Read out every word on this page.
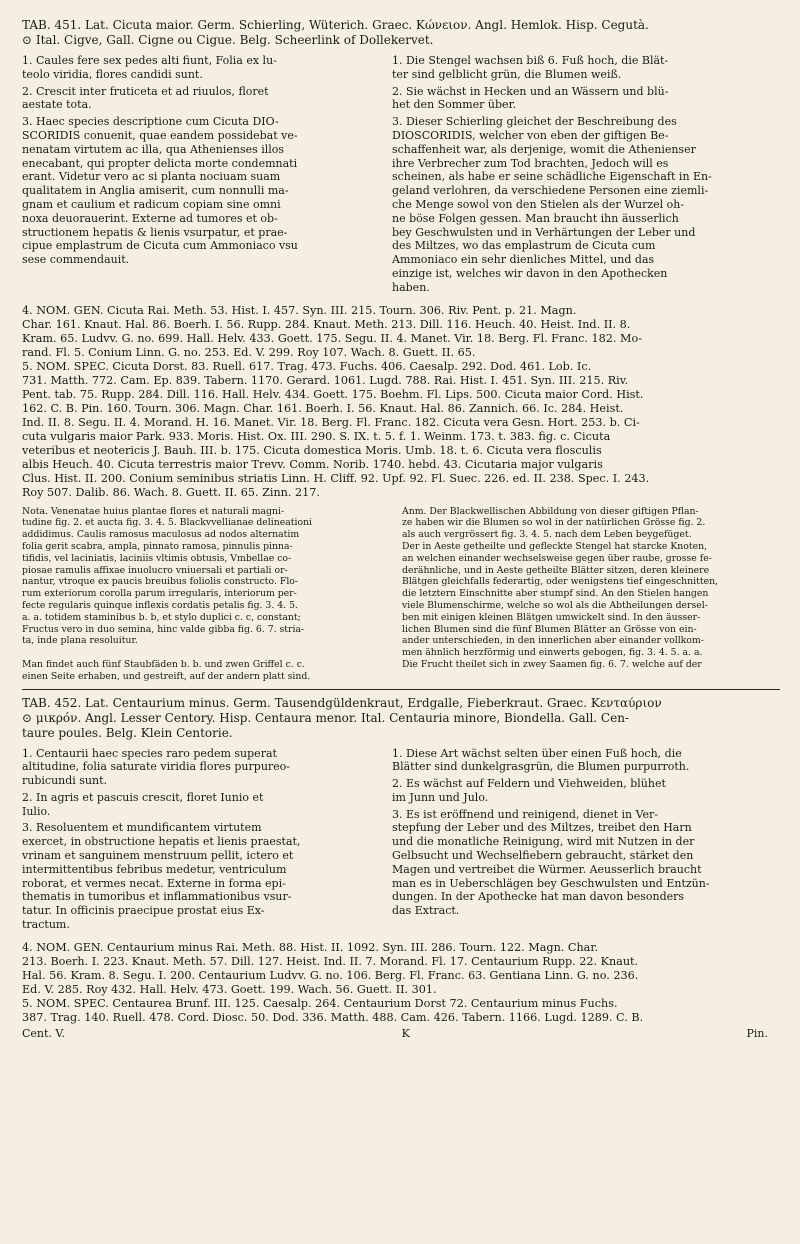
TAB. 451. Lat. Cicuta maior. Germ. Schierling, Wüterich. Graec. Κώνειον. Angl. Hemlok. Hisp. Cegutà.
⊙ Ital. Cigve, Gall. Cigne ou Cigue. Belg. Scheerlink of Dollekervet.
1. Caules fere sex pedes alti fiunt, Folia ex lu-
teolo viridia, flores candidi sunt.
2. Crescit inter fruticeta et ad riuulos, floret
aestate tota.
3. Haec species descriptione cum Cicuta DIO-
SCORIDIS conuenit, quae eandem possidebat ve-
nenatam virtutem ac illa, qua Athenienses illos
enecabant, qui propter delicta morte condemnati
erant. Videtur vero ac si planta nociuam suam
qualitatem in Anglia amiserit, cum nonnulli ma-
gnam et caulium et radicum copiam sine omni
noxa deuorauerint. Externe ad tumores et ob-
structionem hepatis & lienis vsurpatur, et prae-
cipue emplastrum de Cicuta cum Ammoniaco vsu
sese commendauit.
1. Die Stengel wachsen biß 6. Fuß hoch, die Blät-
ter sind gelblicht grün, die Blumen weiß.
2. Sie wächst in Hecken und an Wässern und blü-
het den Sommer über.
3. Dieser Schierling gleichet der Beschreibung des
DIOSCORIDIS, welcher von eben der giftigen Be-
schaffenheit war, als derjenige, womit die Athenienser
ihre Verbrecher zum Tod brachten, Jedoch will es
scheinen, als habe er seine schädliche Eigenschaft in En-
geland verlohren, da verschiedene Personen eine ziemli-
che Menge sowol von den Stielen als der Wurzel oh-
ne böse Folgen gessen. Man braucht ihn äusserlich
bey Geschwulsten und in Verhärtungen der Leber und
des Miltzes, wo das emplastrum de Cicuta cum
Ammoniaco ein sehr dienliches Mittel, und das
einzige ist, welches wir davon in den Apothecken
haben.
4. NOM. GEN. Cicuta Rai. Meth. 53. Hist. I. 457. Syn. III. 215. Tourn. 306. Riv. Pent. p. 21. Magn.
Char. 161. Knaut. Hal. 86. Boerh. I. 56. Rupp. 284. Knaut. Meth. 213. Dill. 116. Heuch. 40. Heist. Ind. II. 8.
Kram. 65. Ludvv. G. no. 699. Hall. Helv. 433. Goett. 175. Segu. II. 4. Manet. Vir. 18. Berg. Fl. Franc. 182. Mo-
rand. Fl. 5. Conium Linn. G. no. 253. Ed. V. 299. Roy 107. Wach. 8. Guett. II. 65.
5. NOM. SPEC. Cicuta Dorst. 83. Ruell. 617. Trag. 473. Fuchs. 406. Caesalp. 292. Dod. 461. Lob. Ic.
731. Matth. 772. Cam. Ep. 839. Tabern. 1170. Gerard. 1061. Lugd. 788. Rai. Hist. I. 451. Syn. III. 215. Riv.
Pent. tab. 75. Rupp. 284. Dill. 116. Hall. Helv. 434. Goett. 175. Boehm. Fl. Lips. 500. Cicuta maior Cord. Hist.
162. C. B. Pin. 160. Tourn. 306. Magn. Char. 161. Boerh. I. 56. Knaut. Hal. 86. Zannich. 66. Ic. 284. Heist.
Ind. II. 8. Segu. II. 4. Morand. H. 16. Manet. Vir. 18. Berg. Fl. Franc. 182. Cicuta vera Gesn. Hort. 253. b. Ci-
cuta vulgaris maior Park. 933. Moris. Hist. Ox. III. 290. S. IX. t. 5. f. 1. Weinm. 173. t. 383. fig. c. Cicuta
veteribus et neotericis J. Bauh. III. b. 175. Cicuta domestica Moris. Umb. 18. t. 6. Cicuta vera flosculis
albis Heuch. 40. Cicuta terrestris maior Trevv. Comm. Norib. 1740. hebd. 43. Cicutaria major vulgaris
Clus. Hist. II. 200. Conium seminibus striatis Linn. H. Cliff. 92. Upf. 92. Fl. Suec. 226. ed. II. 238. Spec. I. 243.
Roy 507. Dalib. 86. Wach. 8. Guett. II. 65. Zinn. 217.
Nota. Venenatae huius plantae flores et naturali magni-
tudine fig. 2. et aucta fig. 3. 4. 5. Blackvvellianae delineationi
addidimus. Caulis ramosus maculosus ad nodos alternatim
folia gerit scabra, ampla, pinnato ramosa, pinnulis pinna-
tifidis, vel laciniatis, laciniis vltimis obtusis, Vmbellae co-
piosae ramulis affixae inuolucro vniuersali et partiali or-
nantur, vtroque ex paucis breuibus foliolis constructo. Flo-
rum exteriorum corolla parum irregularis, interiorum per-
fecte regularis quinque inflexis cordatis petalis fig. 3. 4. 5.
a. a. totidem staminibus b. b, et stylo duplici c. c, constant;
Fructus vero in duo semina, hinc valde gibba fig. 6. 7. stria-
ta, inde plana resoluitur.
Anm. Der Blackwellischen Abbildung von dieser giftigen Pflan-
ze haben wir die Blumen so wol in der natürlichen Grösse fig. 2.
als auch vergrössert fig. 3. 4. 5. nach dem Leben beygefüget.
Der in Aeste getheilte und gefleckte Stengel hat starcke Knoten,
an welchen einander wechselsweise gegen über raube, grosse fe-
derähnliche, und in Aeste getheilte Blätter sitzen, deren kleinere
Blätgen gleichfalls federartig, oder wenigstens tief eingeschnitten,
die letztern Einschnitte aber stumpf sind. An den Stielen hangen
viele Blumenschirme, welche so wol als die Abtheilungen dersel-
ben mit einigen kleinen Blätgen umwickelt sind. In den äusser-
lichen Blumen sind die fünf Blumen Blätter an Grösse von ein-
ander unterschieden, in den innerlichen aber einander vollkom-
men ähnlich herzförmig und einwerts gebogen, fig. 3. 4. 5. a. a.
Man findet auch fünf Staubfäden b. b. und zwen Griffel c. c.
einen Seite erhaben, und gestreift, auf der andern platt sind.
Die Frucht theilet sich in zwey Saamen fig. 6. 7. welche auf der
TAB. 452. Lat. Centaurium minus. Germ. Tausendgüldenkraut, Erdgalle, Fieberkraut. Graec. Κενταύριον
⊙ μικρόν. Angl. Lesser Centory. Hisp. Centaura menor. Ital. Centauria minore, Biondella. Gall. Cen-
taure poules. Belg. Klein Centorie.
1. Centaurii haec species raro pedem superat
altitudine, folia saturate viridia flores purpureo-
rubicundi sunt.
2. In agris et pascuis crescit, floret Iunio et
Iulio.
3. Resoluentem et mundificantem virtutem
exercet, in obstructione hepatis et lienis praestat,
vrinam et sanguinem menstruum pellit, ictero et
intermittentibus febribus medetur, ventriculum
roborat, et vermes necat. Externe in forma epi-
thematis in tumoribus et inflammationibus vsur-
tatur. In officinis praecipue prostat eius Ex-
tractum.
1. Diese Art wächst selten über einen Fuß hoch, die
Blätter sind dunkelgrasgrün, die Blumen purpurroth.
2. Es wächst auf Feldern und Viehweiden, blühet
im Junn und Julo.
3. Es ist eröffnend und reinigend, dienet in Ver-
stepfung der Leber und des Miltzes, treibet den Harn
und die monatliche Reinigung, wird mit Nutzen in der
Gelbsucht und Wechselfiebern gebraucht, stärket den
Magen und vertreibet die Würmer. Aeusserlich braucht
man es in Ueberschlägen bey Geschwulsten und Entzün-
dungen. In der Apothecke hat man davon besonders
das Extract.
4. NOM. GEN. Centaurium minus Rai. Meth. 88. Hist. II. 1092. Syn. III. 286. Tourn. 122. Magn. Char.
213. Boerh. I. 223. Knaut. Meth. 57. Dill. 127. Heist. Ind. II. 7. Morand. Fl. 17. Centaurium Rupp. 22. Knaut.
Hal. 56. Kram. 8. Segu. I. 200. Centaurium Ludvv. G. no. 106. Berg. Fl. Franc. 63. Gentiana Linn. G. no. 236.
Ed. V. 285. Roy 432. Hall. Helv. 473. Goett. 199. Wach. 56. Guett. II. 301.
5. NOM. SPEC. Centaurea Brunf. III. 125. Caesalp. 264. Centaurium Dorst 72. Centaurium minus Fuchs.
387. Trag. 140. Ruell. 478. Cord. Diosc. 50. Dod. 336. Matth. 488. Cam. 426. Tabern. 1166. Lugd. 1289. C. B.
Cent. V.	K	Pin.
